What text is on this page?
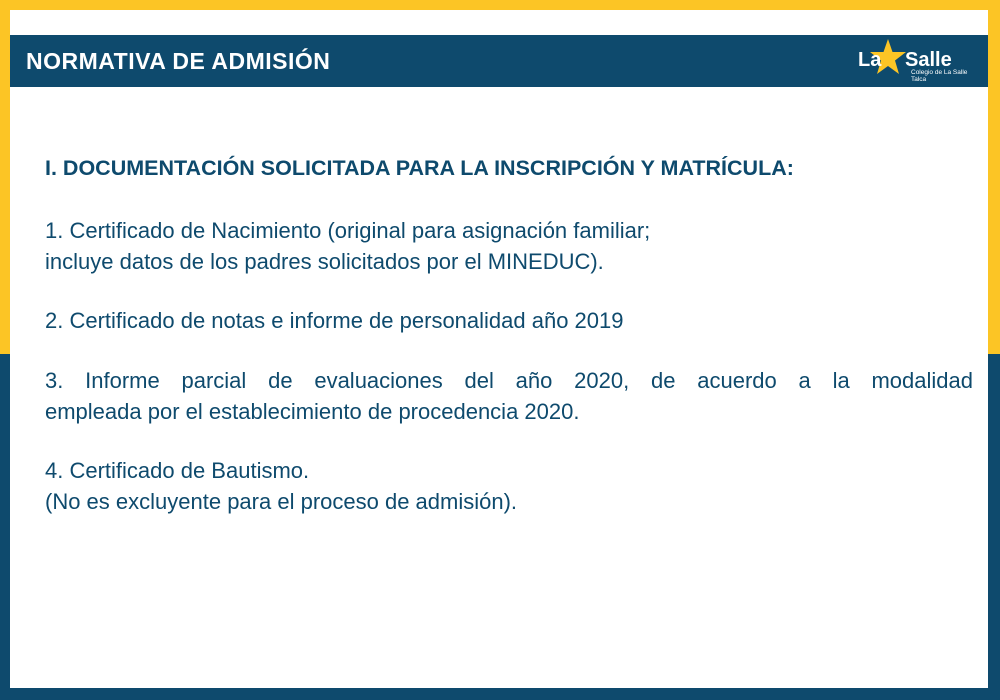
NORMATIVA DE ADMISIÓN	La Salle
Colegio de La Salle
Talca
I. DOCUMENTACIÓN SOLICITADA PARA LA INSCRIPCIÓN Y MATRÍCULA:
1. Certificado de Nacimiento (original para asignación familiar;
incluye datos de los padres solicitados por el MINEDUC).
2. Certificado de notas e informe de personalidad año 2019
3. Informe parcial de evaluaciones del año 2020, de acuerdo a la modalidad
empleada por el establecimiento de procedencia 2020.
4. Certificado de Bautismo.
(No es excluyente para el proceso de admisión).
